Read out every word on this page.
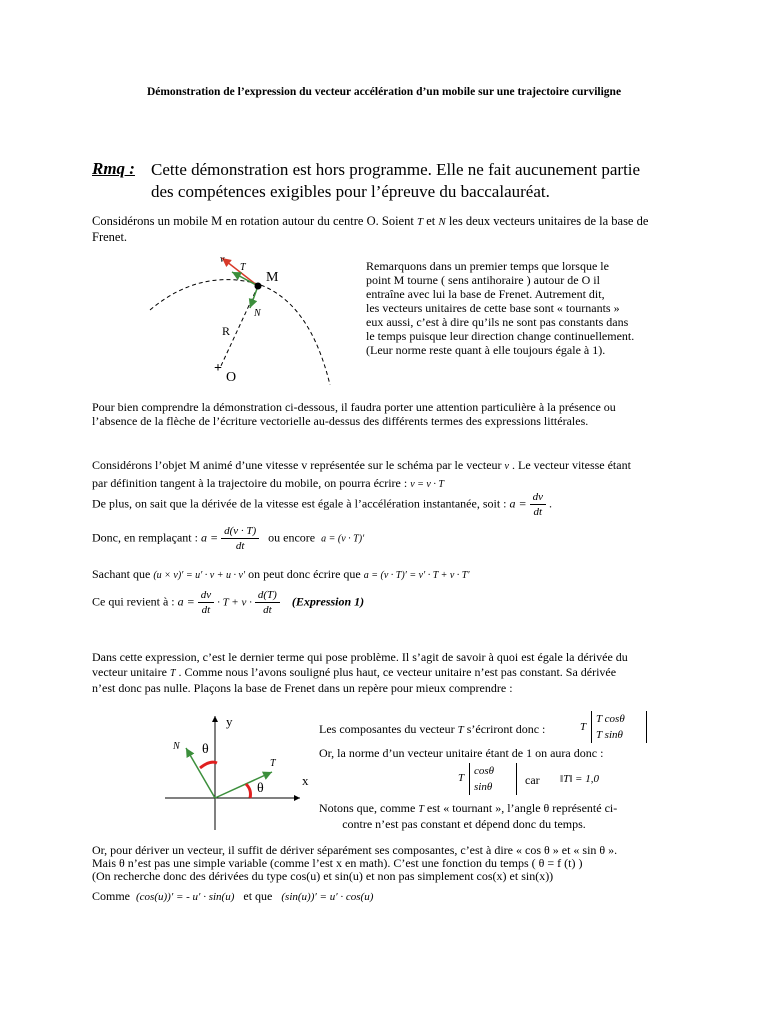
Démonstration de l’expression du vecteur accélération d’un mobile sur une trajectoire curviligne
Rmq : Cette démonstration est hors programme. Elle ne fait aucunement partie
des compétences exigibles pour l’épreuve du baccalauréat.
Considérons un mobile M en rotation autour du centre O. Soient T et N les deux vecteurs unitaires de la base de
Frenet.
v
T
M
N
R
+
O
Remarquons dans un premier temps que lorsque le
point M tourne ( sens antihoraire ) autour de O il
entraîne avec lui la base de Frenet. Autrement dit,
les vecteurs unitaires de cette base sont « tournants »
eux aussi, c’est à dire qu’ils ne sont pas constants dans
le temps puisque leur direction change continuellement.
(Leur norme reste quant à elle toujours égale à 1).
Pour bien comprendre la démonstration ci-dessous, il faudra porter une attention particulière à la présence ou
l’absence de la flèche de l’écriture vectorielle au-dessus des différents termes des expressions littérales.
Considérons l’objet M animé d’une vitesse v représentée sur le schéma par le vecteur v . Le vecteur vitesse étant
par définition tangent à la trajectoire du mobile, on pourra écrire : v = v · T
De plus, on sait que la dérivée de la vitesse est égale à l’accélération instantanée, soit : $a = \frac{dv}{dt}$ .
Donc, en remplaçant : $a = \frac{d(v \cdot T)}{dt}$ ou encore a = (v · T)′
Sachant que (u × v)′ = u′ · v + u · v′ on peut donc écrire que a = (v · T)′ = v′ · T + v · T′
Ce qui revient à : $a = \frac{dv}{dt} \cdot T + v \cdot \frac{d(T)}{dt}$ (Expression 1)
Dans cette expression, c’est le dernier terme qui pose problème. Il s’agit de savoir à quoi est égale la dérivée du
vecteur unitaire T . Comme nous l’avons souligné plus haut, ce vecteur unitaire n’est pas constant. Sa dérivée
n’est donc pas nulle. Plaçons la base de Frenet dans un repère pour mieux comprendre :
y
x
N
T
θ
θ
Les composantes du vecteur T s’écriront donc :	T
T cosθ
T sinθ
Or, la norme d’un vecteur unitaire étant de 1 on aura donc :
T
cosθ
sinθ	car ‖T‖ = 1,0
Notons que, comme T est « tournant », l’angle θ représenté ci-
contre n’est pas constant et dépend donc du temps.
Or, pour dériver un vecteur, il suffit de dériver séparément ses composantes, c’est à dire « cos θ » et « sin θ ».
Mais θ n’est pas une simple variable (comme l’est x en math). C’est une fonction du temps ( θ = f (t) )
(On recherche donc des dérivées du type cos(u) et sin(u) et non pas simplement cos(x) et sin(x))
Comme (cos(u))′ = - u′ · sin(u) et que (sin(u))′ = u′ · cos(u)
